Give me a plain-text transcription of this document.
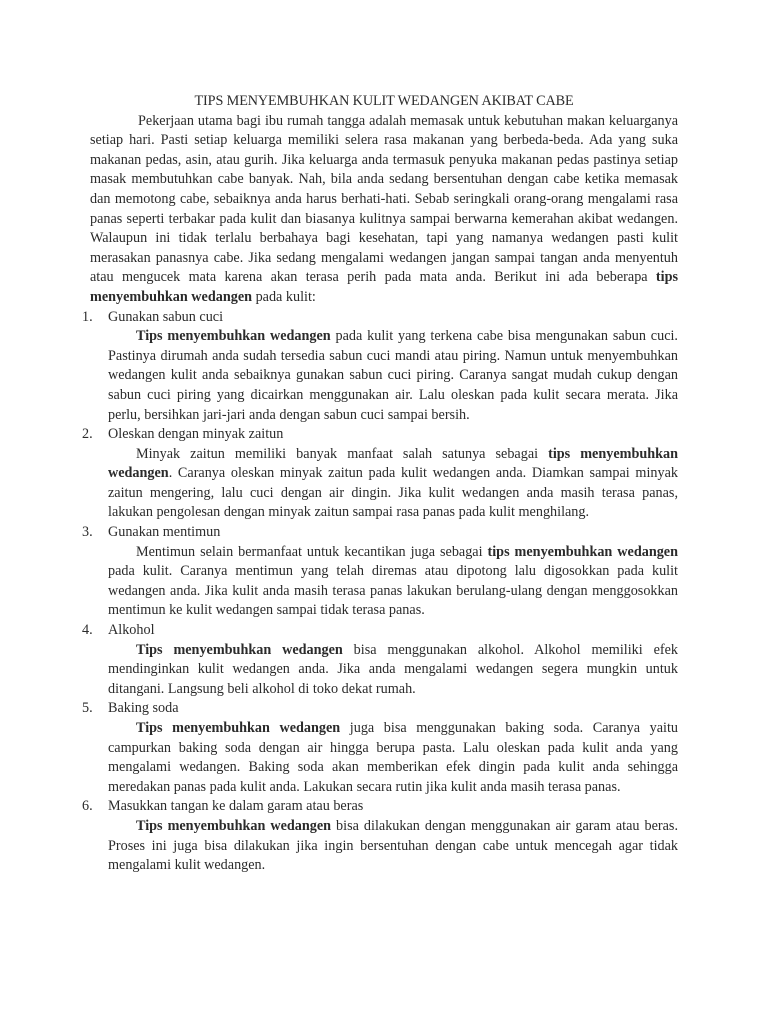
TIPS MENYEMBUHKAN KULIT WEDANGEN AKIBAT CABE

Pekerjaan utama bagi ibu rumah tangga adalah memasak untuk kebutuhan makan keluarganya setiap hari. Pasti setiap keluarga memiliki selera rasa makanan yang berbeda-beda. Ada yang suka makanan pedas, asin, atau gurih. Jika keluarga anda termasuk penyuka makanan pedas pastinya setiap masak membutuhkan cabe banyak. Nah, bila anda sedang bersentuhan dengan cabe ketika memasak dan memotong cabe, sebaiknya anda harus berhati-hati. Sebab seringkali orang-orang mengalami rasa panas seperti terbakar pada kulit dan biasanya kulitnya sampai berwarna kemerahan akibat wedangen. Walaupun ini tidak terlalu berbahaya bagi kesehatan, tapi yang namanya wedangen pasti kulit merasakan panasnya cabe. Jika sedang mengalami wedangen jangan sampai tangan anda menyentuh atau mengucek mata karena akan terasa perih pada mata anda. Berikut ini ada beberapa tips menyembuhkan wedangen pada kulit:

1. Gunakan sabun cuci

Tips menyembuhkan wedangen pada kulit yang terkena cabe bisa mengunakan sabun cuci. Pastinya dirumah anda sudah tersedia sabun cuci mandi atau piring. Namun untuk menyembuhkan wedangen kulit anda sebaiknya gunakan sabun cuci piring. Caranya sangat mudah cukup dengan sabun cuci piring yang dicairkan menggunakan air. Lalu oleskan pada kulit secara merata. Jika perlu, bersihkan jari-jari anda dengan sabun cuci sampai bersih.

2. Oleskan dengan minyak zaitun

Minyak zaitun memiliki banyak manfaat salah satunya sebagai tips menyembuhkan wedangen. Caranya oleskan minyak zaitun pada kulit wedangen anda. Diamkan sampai minyak zaitun mengering, lalu cuci dengan air dingin. Jika kulit wedangen anda masih terasa panas, lakukan pengolesan dengan minyak zaitun sampai rasa panas pada kulit menghilang.

3. Gunakan mentimun

Mentimun selain bermanfaat untuk kecantikan juga sebagai tips menyembuhkan wedangen pada kulit. Caranya mentimun yang telah diremas atau dipotong lalu digosokkan pada kulit wedangen anda. Jika kulit anda masih terasa panas lakukan berulang-ulang dengan menggosokkan mentimun ke kulit wedangen sampai tidak terasa panas.

4. Alkohol

Tips menyembuhkan wedangen bisa menggunakan alkohol. Alkohol memiliki efek mendinginkan kulit wedangen anda. Jika anda mengalami wedangen segera mungkin untuk ditangani. Langsung beli alkohol di toko dekat rumah.

5. Baking soda

Tips menyembuhkan wedangen juga bisa menggunakan baking soda. Caranya yaitu campurkan baking soda dengan air hingga berupa pasta. Lalu oleskan pada kulit anda yang mengalami wedangen. Baking soda akan memberikan efek dingin pada kulit anda sehingga meredakan panas pada kulit anda. Lakukan secara rutin jika kulit anda masih terasa panas.

6. Masukkan tangan ke dalam garam atau beras

Tips menyembuhkan wedangen bisa dilakukan dengan menggunakan air garam atau beras. Proses ini juga bisa dilakukan jika ingin bersentuhan dengan cabe untuk mencegah agar tidak mengalami kulit wedangen.
